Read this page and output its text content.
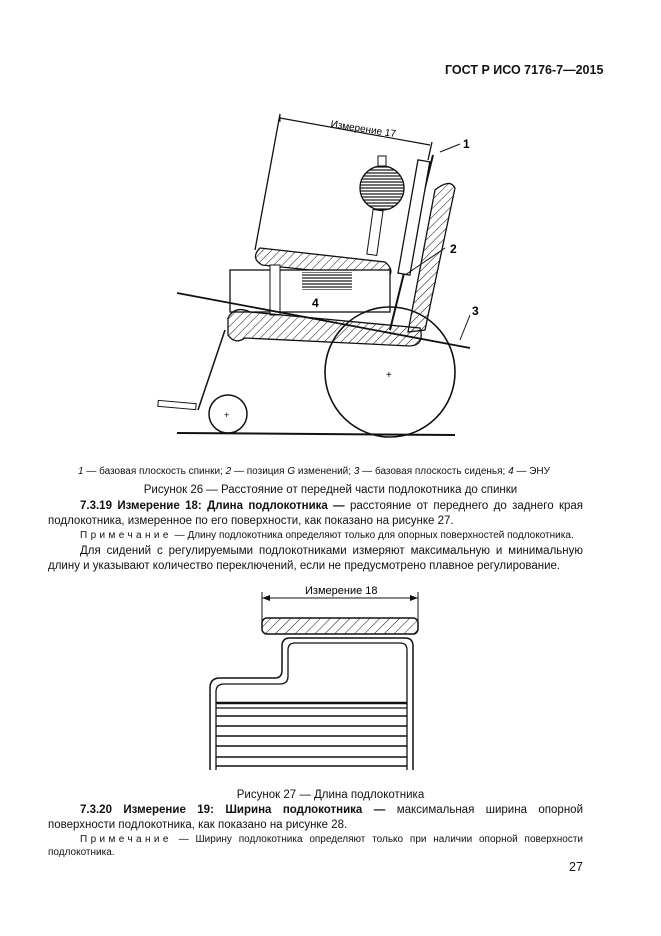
ГОСТ Р ИСО 7176-7—2015
Измерение 17
1
2
4
3
+
+
1 — базовая плоскость спинки; 2 — позиция G изменений; 3 — базовая плоскость сиденья; 4 — ЭНУ
Рисунок 26 — Расстояние от передней части подлокотника до спинки
7.3.19 Измерение 18: Длина подлокотника — расстояние от переднего до заднего края подлокотника, измеренное по его поверхности, как показано на рисунке 27.
Примечание — Длину подлокотника определяют только для опорных поверхностей подлокотника.
Для сидений с регулируемыми подлокотниками измеряют максимальную и минимальную длину и указывают количество переключений, если не предусмотрено плавное регулирование.
Измерение 18
Рисунок 27 — Длина подлокотника
7.3.20 Измерение 19: Ширина подлокотника — максимальная ширина опорной поверхности подлокотника, как показано на рисунке 28.
Примечание — Ширину подлокотника определяют только при наличии опорной поверхности подлокотника.
27
